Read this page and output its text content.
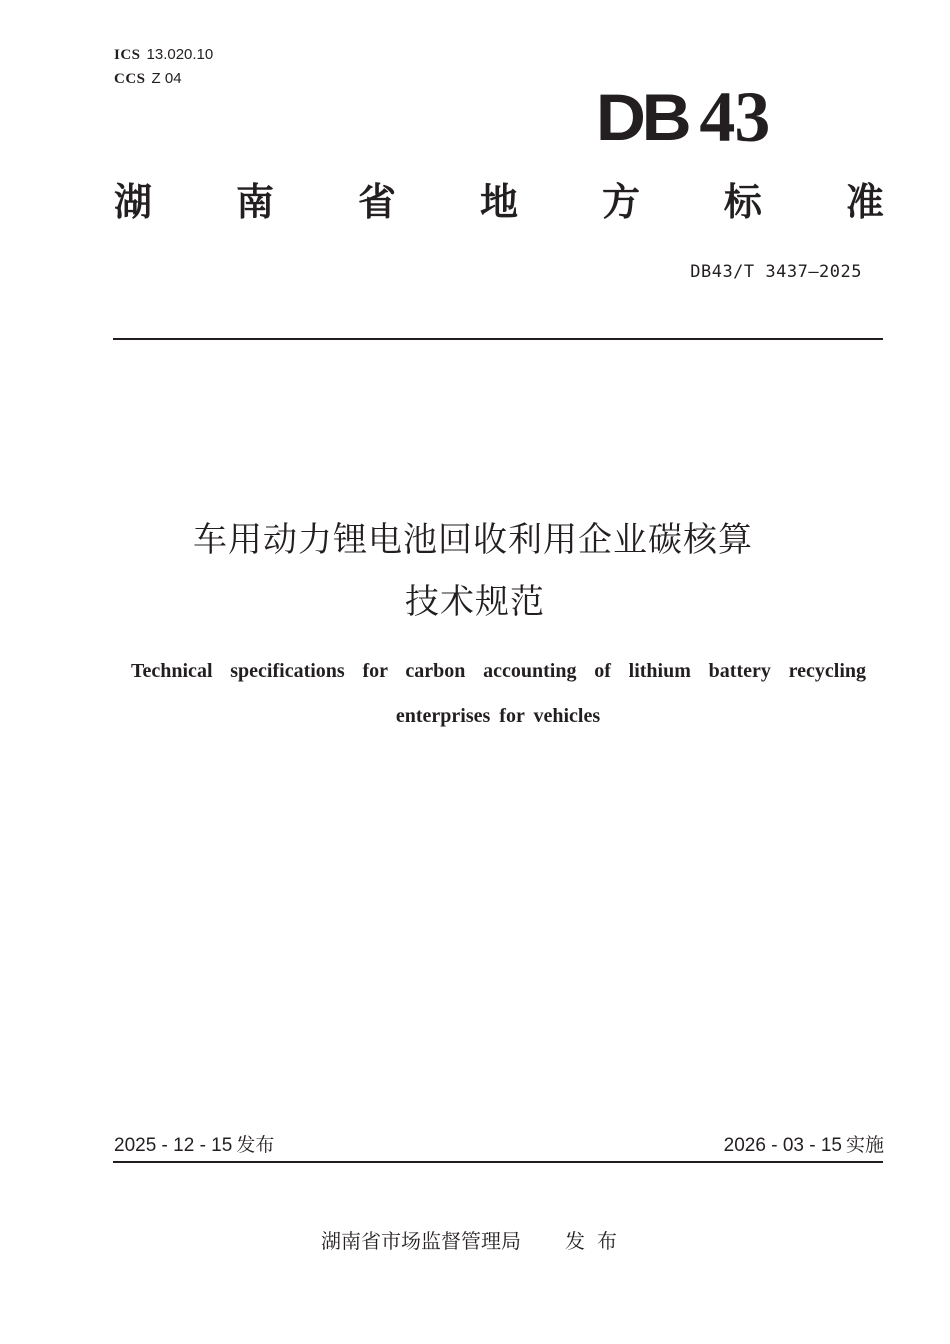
ICS 13.020.10
CCS Z 04
DB 43
湖 南 省 地 方 标 准
DB43/T 3437—2025
车用动力锂电池回收利用企业碳核算
技术规范
Technical specifications for carbon accounting of lithium battery recycling
enterprises for vehicles
2025 - 12 - 15 发布	2026 - 03 - 15 实施
湖南省市场监督管理局 发布
